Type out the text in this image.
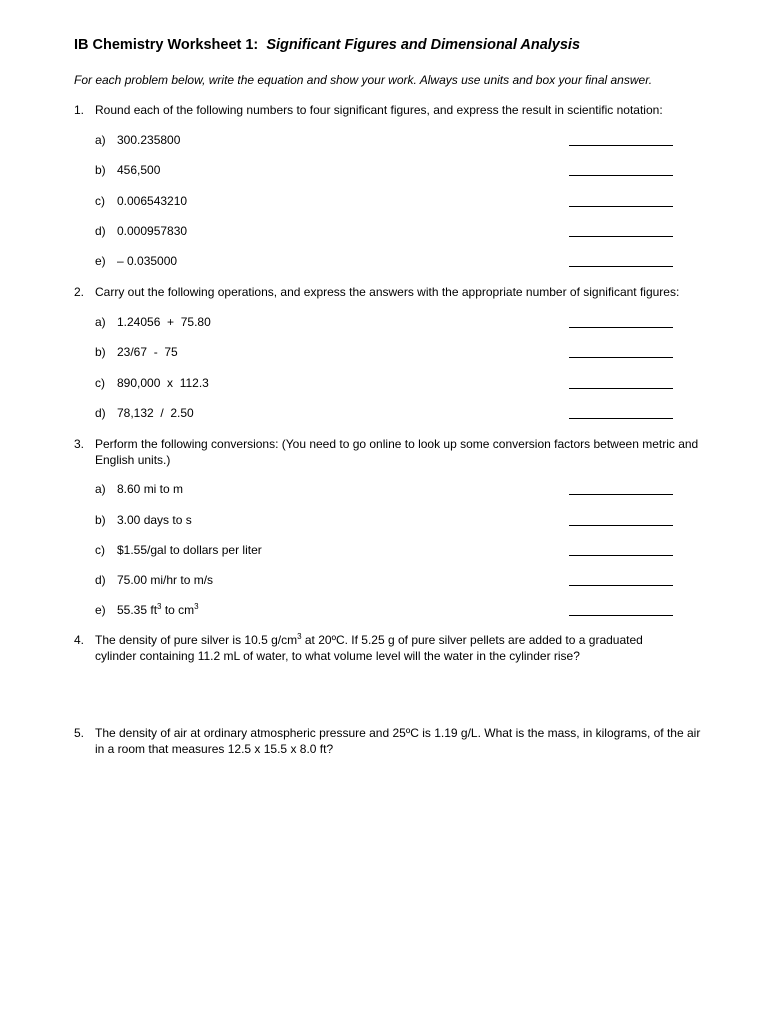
IB Chemistry Worksheet 1: Significant Figures and Dimensional Analysis
For each problem below, write the equation and show your work. Always use units and box your final answer.
1. Round each of the following numbers to four significant figures, and express the result in scientific notation:
a) 300.235800
b) 456,500
c) 0.006543210
d) 0.000957830
e) – 0.035000
2. Carry out the following operations, and express the answers with the appropriate number of significant figures:
a) 1.24056  +  75.80
b) 23/67  -  75
c) 890,000  x  112.3
d) 78,132  /  2.50
3. Perform the following conversions: (You need to go online to look up some conversion factors between metric and English units.)
a) 8.60 mi to m
b) 3.00 days to s
c) $1.55/gal to dollars per liter
d) 75.00 mi/hr to m/s
e) 55.35 $ft^3$ to $cm^3$
4. The density of pure silver is 10.5 $g/cm^3$ at 20ºC. If 5.25 g of pure silver pellets are added to a graduated cylinder containing 11.2 mL of water, to what volume level will the water in the cylinder rise?
5. The density of air at ordinary atmospheric pressure and 25ºC is 1.19 g/L. What is the mass, in kilograms, of the air in a room that measures 12.5 x 15.5 x 8.0 ft?
